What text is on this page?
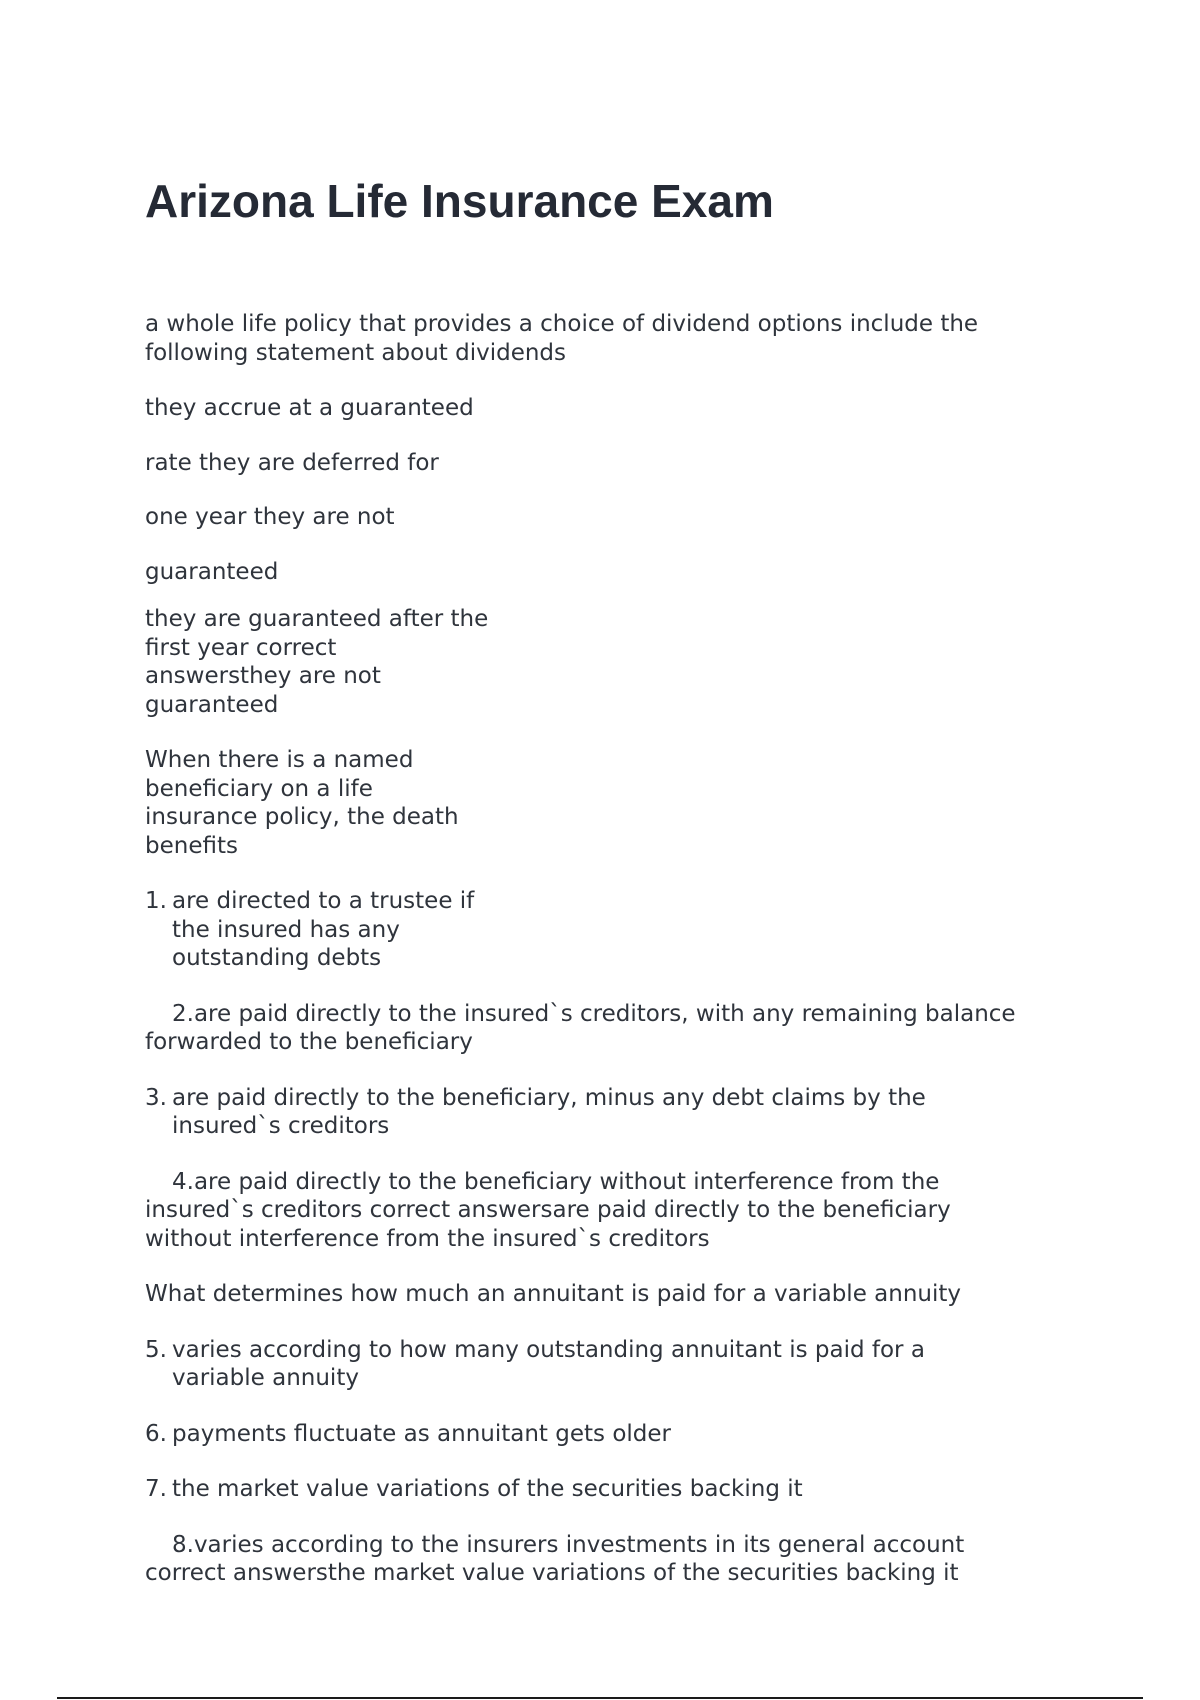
Arizona Life Insurance Exam

a whole life policy that provides a choice of dividend options include the following statement about dividends

they accrue at a guaranteed

rate they are deferred for

one year they are not

guaranteed

they are guaranteed after the first year correct answersthey are not guaranteed

When there is a named beneficiary on a life insurance policy, the death benefits

1. are directed to a trustee if the insured has any outstanding debts

2.are paid directly to the insured`s creditors, with any remaining balance forwarded to the beneficiary

3. are paid directly to the beneficiary, minus any debt claims by the insured`s creditors

4.are paid directly to the beneficiary without interference from the insured`s creditors correct answersare paid directly to the beneficiary without interference from the insured`s creditors

What determines how much an annuitant is paid for a variable annuity

5. varies according to how many outstanding annuitant is paid for a variable annuity
6. payments fluctuate as annuitant gets older
7. the market value variations of the securities backing it

8.varies according to the insurers investments in its general account correct answersthe market value variations of the securities backing it
